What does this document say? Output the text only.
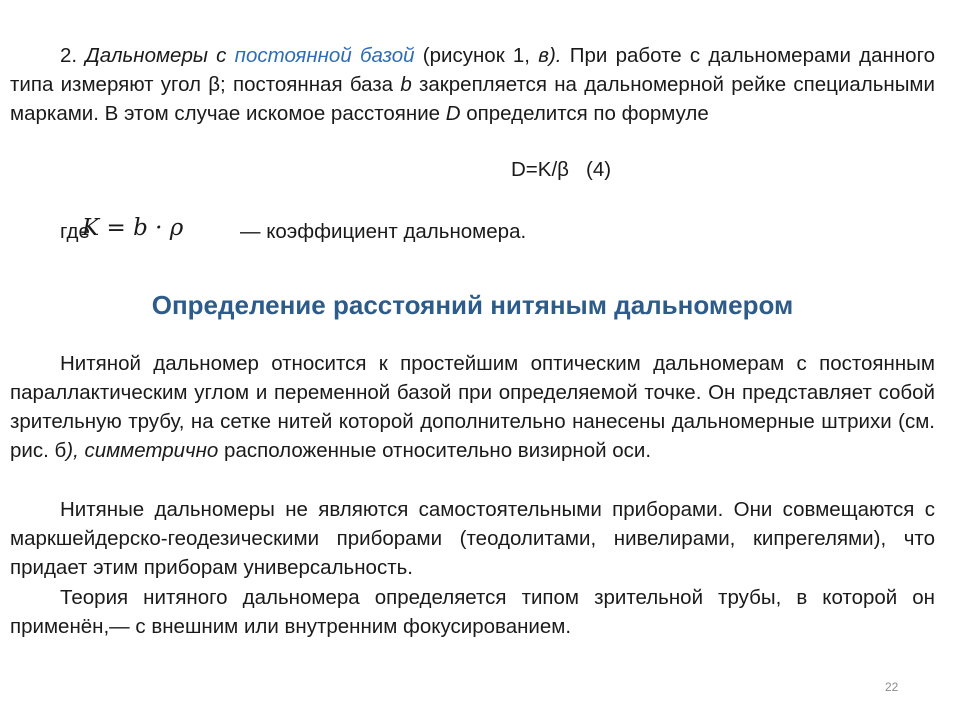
2. Дальномеры с постоянной базой (рисунок 1, в). При работе с дальномерами данного типа измеряют угол β; постоянная база b закрепляется на дальномерной рейке специальными марками. В этом случае искомое расстояние D определится по формуле

D=K/β (4)
где
K = b · ρ	— коэффициент дальномера.
Определение расстояний нитяным дальномером

Нитяной дальномер относится к простейшим оптическим дальномерам с постоянным параллактическим углом и переменной базой при определяемой точке. Он представляет собой зрительную трубу, на сетке нитей которой дополнительно нанесены дальномерные штрихи (см. рис. б), симметрично расположенные относительно визирной оси.

Нитяные дальномеры не являются самостоятельными приборами. Они совмещаются с маркшейдерско-геодезическими приборами (теодолитами, нивелирами, кипрегелями), что придает этим приборам универсальность.

Теория нитяного дальномера определяется типом зрительной трубы, в которой он применён,— с внешним или внутренним фокусированием.

22
